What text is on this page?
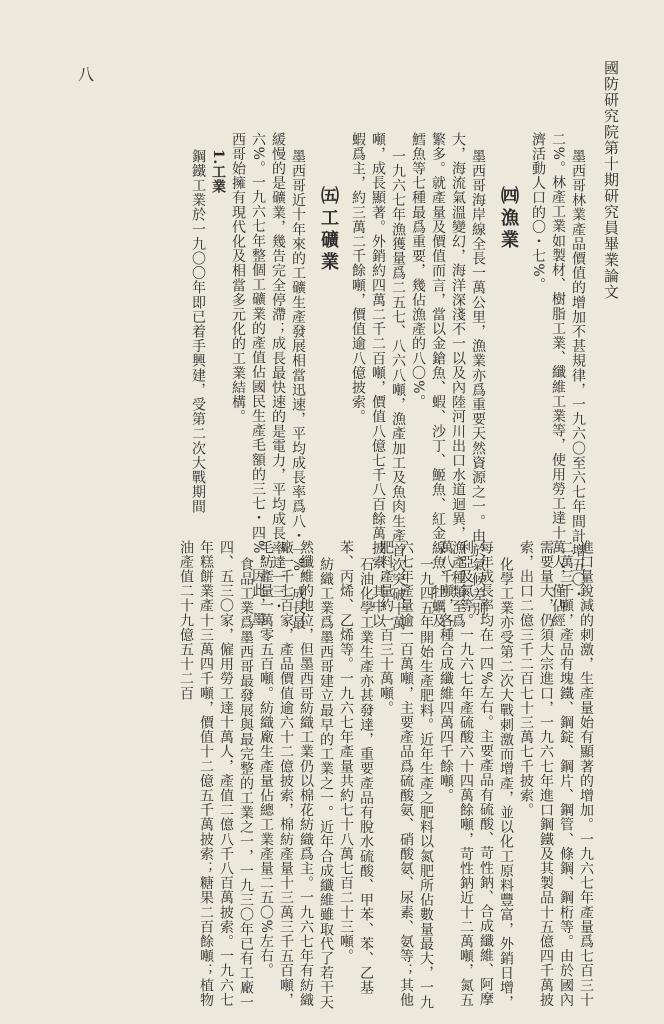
國防研究院第十期研究員畢業論文
八

墨西哥林業產品價值的增加不甚規律，一九六〇至六七年間計增五〇・二%。林產工業如製材、樹脂工業、纖維工業等，使用勞工達十萬人，僅佔經濟活動人口的〇・七%。

㈣漁業

墨西哥海岸線全長一萬公里，漁業亦爲重要天然資源之一。由於氣候差別大，海流氣溫變幻，海洋深淺不一以及內陸河川出口水道迴異，漁產種類至爲繁多。就產量及價值而言，當以金鎗魚、蝦、沙丁、䱌魚、紅金線魚、牡蠣及鱈魚等七種最爲重要，幾佔漁產的八〇%。

一九六七年漁獲量爲二五七、八六八噸，漁產加工及魚肉生產首次突破十萬噸，成長顯著。外銷約四萬二千二百噸，價值八億七千八百餘萬披索；其中以蝦爲主，約三萬二千餘噸，價值逾八億披索。

㈤工礦業

墨西哥近十年來的工礦生產發展相當迅速，平均成長率爲八・一%。成長最緩慢的是礦業，幾告完全停滯；成長最快速的是電力，平均成長率達一三・六%。一九六七年整個工礦業的產值佔國民生產毛額的三七・四%。因此，墨西哥始擁有現代化及相當多元化的工業結構。

1.工業

鋼鐵工業於一九〇〇年即已着手興建，受第二次大戰期間

進口量銳減的刺激，生產量始有顯著的增加。一九六七年產量爲七百三十二萬三千噸，產品有塊鐵、鋼錠、鋼片、鋼管、條鋼、鋼桁等。由於國內需要量大，仍須大宗進口，一九六七年進口鋼鐵及其製品十五億四千萬披索，出口二億三千二百七十三萬七千披索。

化學工業亦受第二次大戰刺激而增產，並以化工原料豐富，外銷日增，每年成長率均在一四%左右。主要產品有硫酸、苛性鈉、合成纖維、阿摩利亞及氮等。一九六七年產硫酸六十四萬餘噸，苛性鈉近十二萬噸，氮五萬八千噸，各種合成纖維四萬四千餘噸。

一九四五年開始生產肥料。近年生產之肥料以氮肥所佔數量最大，一九六七年產量逾一百萬噸，主要產品爲硫酸氨、硝酸氨、尿素、氨等；其他肥料產量約一百三十萬噸。

石油化學工業生產亦甚發達，重要產品有脫水硫酸、甲苯、苯、乙基苯、丙烯、乙烯等。一九六七年產量共約七十八萬七百二十三噸。

紡織工業爲墨西哥建立最早的工業之一。近年合成纖維雖取代了若干天然纖維的地位，但墨西哥紡織工業仍以棉花紡織爲主。一九六七年有紡織廠一千七百家，產品價值逾六十二億披索，棉紡產量十三萬三千五百噸，毛紡產量一萬零五百噸。紡織廠生產量佔總工業產量二五〇%左右。

食品工業爲墨西哥最發展與最完整的工業之一，一九三〇年已有工廠一四、五三〇家，僱用勞工達十萬人，產值二億八千八百萬披索。一九六七年糕餅業產十三萬四千噸，價值十二億五千萬披索；糖果二百餘噸；植物油產值二十九億五十二百
